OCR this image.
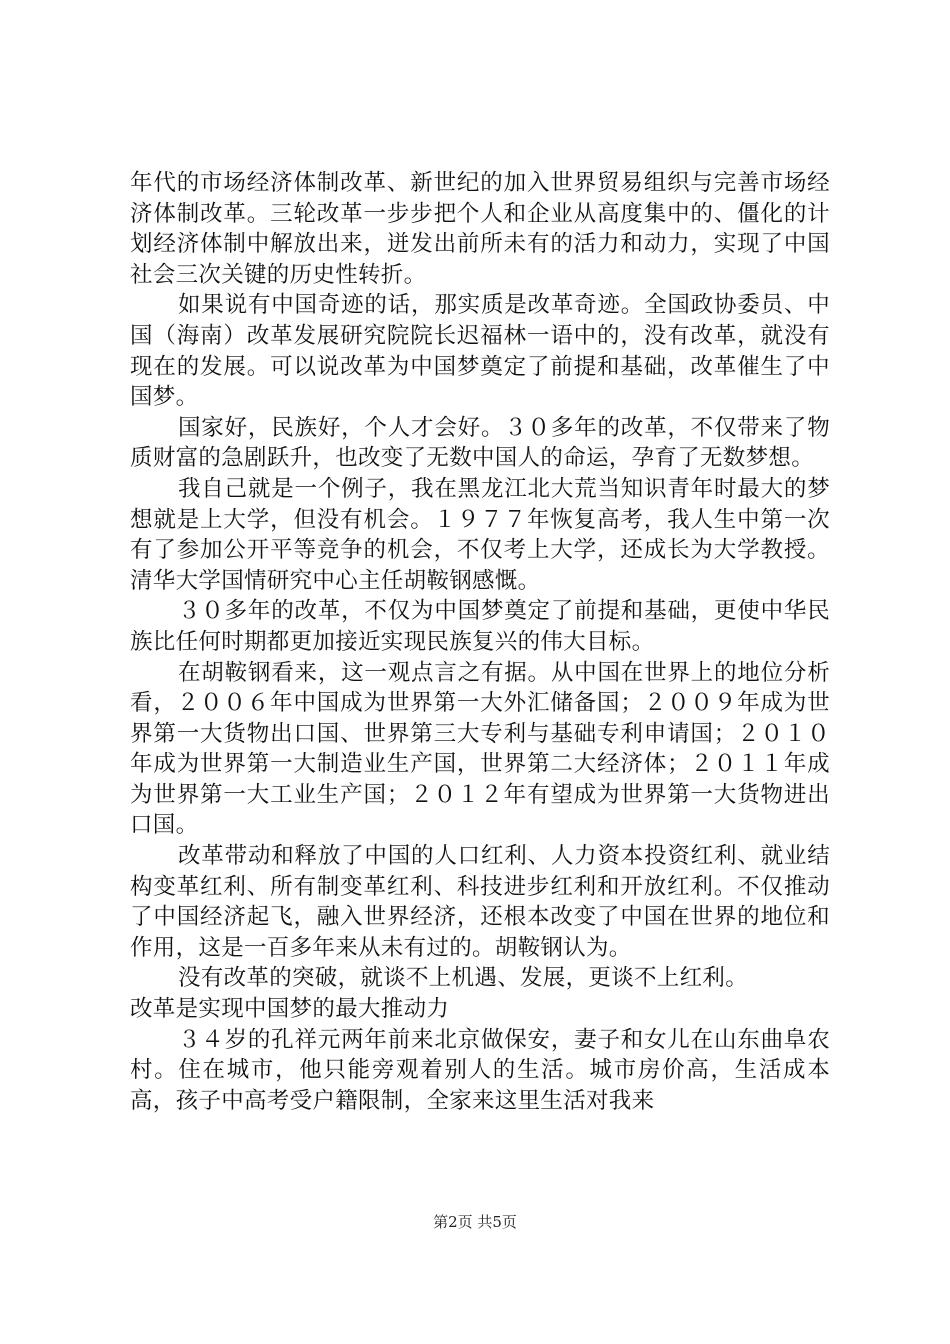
年代的市场经济体制改革、新世纪的加入世界贸易组织与完善市场经济体制改革。三轮改革一步步把个人和企业从高度集中的、僵化的计划经济体制中解放出来，迸发出前所未有的活力和动力，实现了中国社会三次关键的历史性转折。

如果说有中国奇迹的话，那实质是改革奇迹。全国政协委员、中国（海南）改革发展研究院院长迟福林一语中的，没有改革，就没有现在的发展。可以说改革为中国梦奠定了前提和基础，改革催生了中国梦。

国家好，民族好，个人才会好。３０多年的改革，不仅带来了物质财富的急剧跃升，也改变了无数中国人的命运，孕育了无数梦想。

我自己就是一个例子，我在黑龙江北大荒当知识青年时最大的梦想就是上大学，但没有机会。１９７７年恢复高考，我人生中第一次有了参加公开平等竞争的机会，不仅考上大学，还成长为大学教授。清华大学国情研究中心主任胡鞍钢感慨。

３０多年的改革，不仅为中国梦奠定了前提和基础，更使中华民族比任何时期都更加接近实现民族复兴的伟大目标。

在胡鞍钢看来，这一观点言之有据。从中国在世界上的地位分析看，２００６年中国成为世界第一大外汇储备国；２００９年成为世界第一大货物出口国、世界第三大专利与基础专利申请国；２０１０年成为世界第一大制造业生产国，世界第二大经济体；２０１１年成为世界第一大工业生产国；２０１２年有望成为世界第一大货物进出口国。

改革带动和释放了中国的人口红利、人力资本投资红利、就业结构变革红利、所有制变革红利、科技进步红利和开放红利。不仅推动了中国经济起飞，融入世界经济，还根本改变了中国在世界的地位和作用，这是一百多年来从未有过的。胡鞍钢认为。

没有改革的突破，就谈不上机遇、发展，更谈不上红利。

改革是实现中国梦的最大推动力

３４岁的孔祥元两年前来北京做保安，妻子和女儿在山东曲阜农村。住在城市，他只能旁观着别人的生活。城市房价高，生活成本高，孩子中高考受户籍限制，全家来这里生活对我来

第2页 共5页
